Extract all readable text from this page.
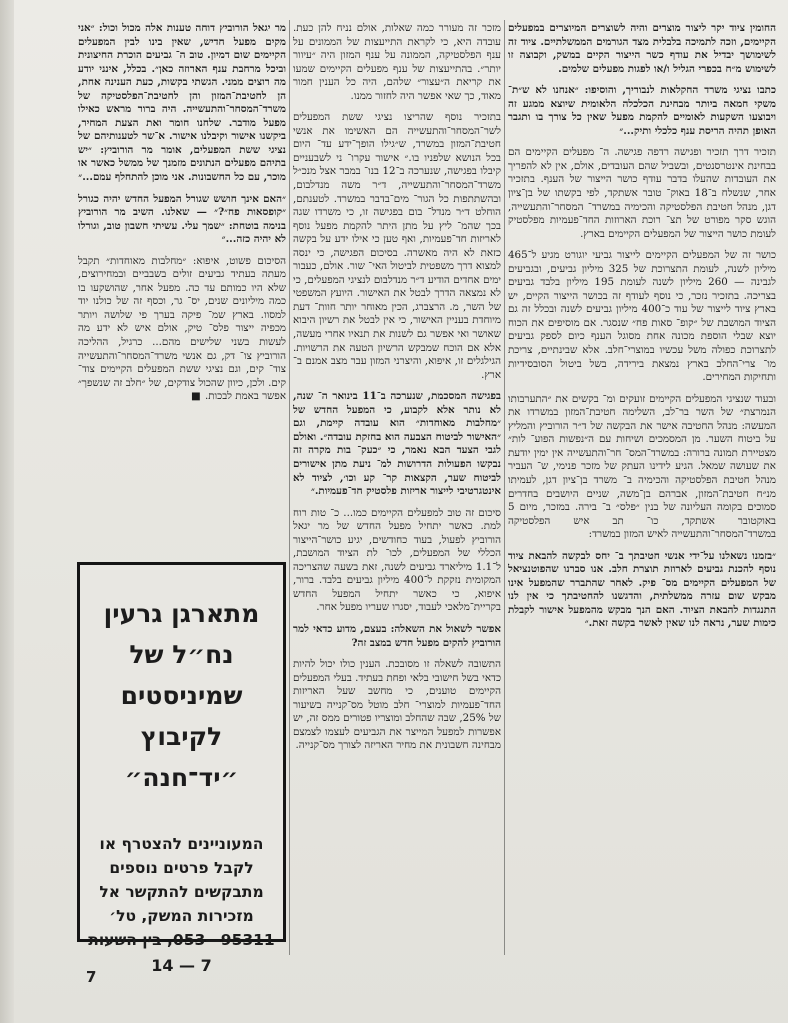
החומין ציוד יקר ליצור מוצרים והיה לשוצרים המיוצרים במפעלים הקיימים, וזכה לתמיכה בלבלית מצד הגורמים הממשלתיים. ציוד זה לשימושך יבדיל את עודף כשר הייצור הקיים במשק, וקבוצה זו לשימוש מ״ח בכפרי הגליל ו/או לפגות מפעלים שלמים.

כתבו נציגי משרד החקלאות לנבוריך, והוסיפו: ״אנחנו לא ש״ת־ משקי חמאה ביותר מבחינת הכלכלה הלאומית שיוצא ממגע זה ויבוצעו השקעות לאומיים להקמת מפעל שאין כל צורך בו ותגבר האופן תהיה הריסת ענף כלכלי ותיק...״

תזכיר דרך תזכיר ופגישה רדפה פגישה. ה־ מפעלים הקיימים הם בבחינת אינטרסנטים, ובשביל שהם העובדים, אולם, אין לא להפריך את העובדות שהעלו בדבר עודף כושר הייצור של הענף. בתזכיר אחר, שנשלח ב־18 באוק־ טובר אשתקד, לפי בקשתו של בן־ציון דגן, מנהל חטיבת הפלסטיקה והכימיה במשרד־ המסחר־והתעשייה, הוגש סקר מפורט של תצ־ רוכת הארוזות החד־פעמיות מפלסטיק לעומת כושר הייצור של המפעלים הקיימים בארץ.

כושר זה של המפעלים הקיימים לייצור גביעי יוגורט מגיע ל־465 מיליון לשנה, לעומת התצרוכת של 325 מיליון גביעים, ובגביעים לגבינה — 260 מיליון לשנה לעומת 195 מיליון בלבד גביעים בצריכה. בתזכיר נזכר, כי נוסף לעודף זה בכושר הייצור הקיים, יש בארץ ציוד לייצור של עוד כ־400 מיליון גביעים לשנה ובכלל זה גם הציוד המושבת של ״קופ־ סאות פח״ שנסגר. אם מוסיפים את הכוח יוצא שבלי הוספת מכונה אחת מסוגל הענף כיום לספק גביעים לתצרוכת כפולה משל עכשיו במוצרי־חלב. אלא שבינתיים, צריכת מו־ צרי־החלב בארץ נמצאת בירידה, בשל ביטול הסובסידיות ותחיקות המחירים.

ובעוד שנציגי המפעלים הקיימים זועקים ומ־ בקשים את ״התערבותו הנמרצת״ של השר בר־לב, השלימה חטיבת־המזון במשרדו את המעשה: מנהל החטיבה אישר את הבקשה של ד״ר הורוביץ והמליץ על ביטוח השער. מן המסמכים ושיחות עם ה״נפשות הפוע־ לות״ מצטיירת תמונה ברורה: במשרד־המס־ חר־והתעשייה אין ימין יודעת את שעושה שמאל. הגיע לידינו העתק של מזכר פנימי, ש־ העביר מנהל חטיבת הפלסטיקה והכימיה ב־ משרד בן־ציון דגן, לעמיתו מנ״ח חטיבת־המזון, אברהם בן־משה, שניים היושבים בחדרים סמוכים בקומה העליונה של בנין ״פלס״ ב־ בירה. במזכר, מיום 5 באוקטובר אשתקד, כו־ תב איש הפלסטיקה במשרד־המסחר־והתעשייה לאיש המזון במשרד:

״בזמנו נשאלנו על־ידי אנשי חטיבתך ב־ יחס לבקשה להבאת ציוד נוסף להכנת גביעים לארוזת תוצרת חלב. אנו סברנו שהפוטנציאל של המפעלים הקיימים מס־ פיק. לאחר שהתברר שהמפעל אינו מבקש שום עזרה ממשלתית, והדגשנו להחטיבתך כי אין לנו התנגדות להבאת הציוד. האם הנך מבקש מהמפעל אישור לקבלת כימות שער, נראה לנו שאין לאשר בקשה זאת.״

מזכר זה מעורר כמה שאלות, אולם נניח להן כעת. עובדה היא, כי לקראת התייעצות של הממונים על ענף הפלסטיקה, הממונה על ענף המזון היה ״עיוור יותר״. בהתייעצות של ענף מפעלים הקיימים שמעו את קריאת ה״עצור״ שלהם, היה כל הענין חמור מאוד, כך שאי אפשר היה לחזור ממנו.

בתזכיר נוסף שהריצו נציגי ששת המפעלים לשר־המסחר־והתעשייה הם האשימו את אנשי חטיבת־המזון במשרד, ש״גילו הופך־ידע עד־ היום בכל הנושא שלפניו בו.״ אישור עקרו־ ני לשבעניים קיבלו בפגישה, שנערכה ב־12 בנו־ במבר אצל מנכ״ל משרד־המסחר־והתעשייה, ד״ר משה מנדלבום, ובהשתתפות כל הגור־ מים־בדבר במשרד. לטענתם, הוחלט ד״ר מנדל־ בום בפגישה זו, כי משרדו שגה בכך שהמ־ ליץ על מתן היתר להקמת מפעל נוסף לאריזות חד־פעמיות, ואף טען כי אילו ידע על בקשה כזאת לא היה מאשרה. בסיכום הפגישה, כי ינסה למצוא דרך משפטית לביטול האי־ שור. אולם, כעבור ימים אחדים הודיע ד״ר מנדלבום לנציגי המפעלים, כי לא נמצאה הדרך לבטל את האישור. היועץ המשפטי של השר, מ. הרצברג, הכין מאוחר יותר חוות־ דעת מיוחדת בעניין האישור, כי אין לבטל את רשיון היבוא שאושר ואי אפשר גם לשנות את תנאיו אחרי מעשה, אלא אם הוכח שמבקש הרשיון הטעה את הרשויות. הגילגלים זו, איפוא, והיצרני המזון עבר מצב אמנם ב־ ארץ.

בפגישה המסכמת, שנערכה ב־11 בינואר ה־ שנה, לא נותר אלא לקבוע, כי המפעל החדש של ״מחלבות מאוחדות״ הוא עובדה קיימת, וגם ״האישור לביטוח הצבעה הוא בחזקת עובדה״. ואולם לגבי הצעד הבא נאמר, כי ״כעק־ בות מקרה זה נבקשו הפעולות הדרושות למ־ ניעת מתן אישורים לביטוח שער, הקצאות קר־ קע וכו׳, לציוד לא אינטגרטיבי לייצור אריזות פלסטיק חד־פעמיות.״

סיכום זה טוב למפעלים הקיימים כמו... כ־ טות רוח למת. כאשר יתחיל מפעל החדש של מר יגאל הורוביץ לפעול, בעוד כחודשים, יגיע כושר־הייצור הכללי של המפעלים, לכו־ לת הציוד המושבת, ל־1.1 מיליארד גביעים לשנה, זאת בשעה שהצריכה המקומית נזקקת ל־400 מיליון גביעים בלבד. ברור, איפוא, כי כאשר יתחיל המפעל החדש בקריית־מלאכי לעבוד, יסגרו שעריו מפעל אחר.

אפשר לשאול את השאלה: בעצם, מדוע כדאי למר הורוביץ להקים מפעל חדש במצב זה?

התשובה לשאלה זו מסובכת. הענין כולו יכול להיות כדאי בשל חישובי בלאי ופחת בעתיד. בעלי המפעלים הקיימים טוענים, כי מחשב שעל האריזות החד־פעמיות למוצרי־ חלב מוטל מס־קנייה בשיעור של 25%, שבה שהחלב ומוצריו פטורים ממס זה, יש אפשרות למפעל המייצר את הגביעים לעצמו לצמצם מבחינה חשבונית את מחיר האריזה לצורך מס־קנייה.

מר יגאל הורוביץ דוחה טענות אלה מכול וכול: ״אני מקים מפעל חדיש, שאין בינו לבין המפעלים הקיימים שום דמיון. טוב ה־ גביעים הוכרת החיצונית וביכל מרחבת ענף הארוזה כאן״. בכלל, אינני יודע מה רוצים ממני. הגשתי בקשות, כעת הענינה אחת, הן לחטיבת־המזון והן לחטיבת־הפלסטיקה של משרד־המסחר־והתעשייה. היה ברור מראש כאילו מפעל מודבר. שלחנו חומר ואת הצעת המחיר, ביקשנו אישור וקיבלנו אישור. א־שר לטענותיהם של נציגי ששת המפעלים, אומר מר הורוביץ: ״יש בתיהם מפעלים הנתונים מזמנך של ממשל כאשר או מוכר, עם כל החשבונות. אני מוכן להתחלף עמם...״

״האם אינך חושש שגורל המפעל החדש יהיה כגורל ״קופסאות פח״?״ — שאלנו. השיב מר הורוביץ בנימה בוטחת: ״שמך עלי. עשיתי חשבון טוב, וגורלו לא יהיה כזה...״

הסיכום פשוט, איפוא: ״מחלבות מאוחדות״ תקבל מעתה בעתיד גביעים זולים בשבביים ובמחירוצים, שלא היו כמותם עד כה. מפעל אחר, שהושקעו בו כמה מיליונים שנים, יס־ גר, וכסף זה של כולנו יוד למסוו. בארץ שמ־ פיקה בערך פי שלושה ויותר מכפיה ייצור פלס־ טיק, אולם איש לא ידע מה לעשות בשני שלישים מהם... כרגיל, ההליכה הורוביץ צו־ דק, גם אנשי משרד־המסחר־והתעשייה צוד־ קים, וגם נציגי ששת המפעלים הקיימים צוד־ קים. ולכן, כיוון שהכול צודקים, של ״חלב זה שנשפך״ אפשר באמת לבכות. ■

מתארגן גרעין נח״ל של שמיניסטים לקיבוץ ״יד־חנה״
המעוניינים להצטרף או לקבל פרטים נוספים מתבקשים להתקשר אל מזכירות המשק, טל׳ 95311—053, בין השעות
14 — 7
7
